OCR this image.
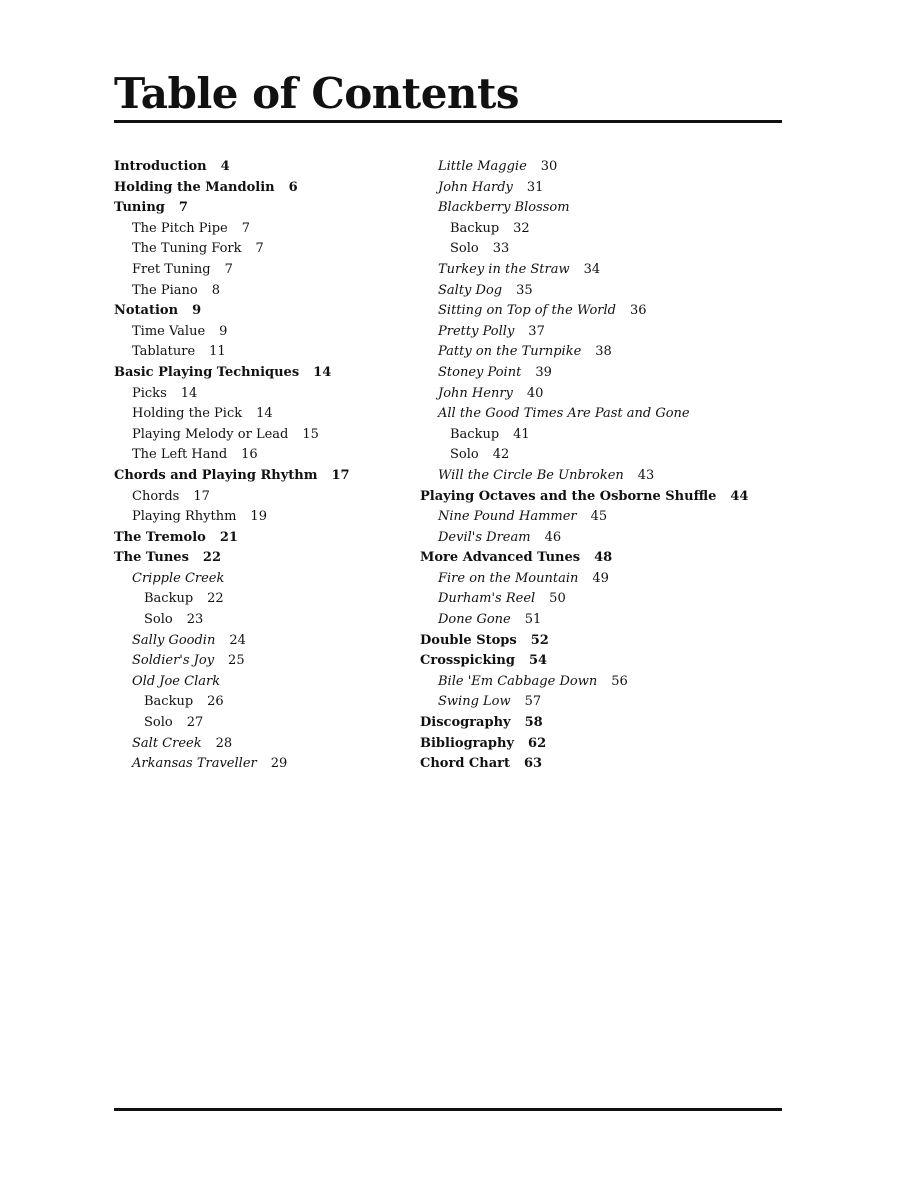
Table of Contents
Introduction 4
Holding the Mandolin 6
Tuning 7
The Pitch Pipe 7
The Tuning Fork 7
Fret Tuning 7
The Piano 8
Notation 9
Time Value 9
Tablature 11
Basic Playing Techniques 14
Picks 14
Holding the Pick 14
Playing Melody or Lead 15
The Left Hand 16
Chords and Playing Rhythm 17
Chords 17
Playing Rhythm 19
The Tremolo 21
The Tunes 22
Cripple Creek
Backup 22
Solo 23
Sally Goodin 24
Soldier's Joy 25
Old Joe Clark
Backup 26
Solo 27
Salt Creek 28
Arkansas Traveller 29
Little Maggie 30
John Hardy 31
Blackberry Blossom
Backup 32
Solo 33
Turkey in the Straw 34
Salty Dog 35
Sitting on Top of the World 36
Pretty Polly 37
Patty on the Turnpike 38
Stoney Point 39
John Henry 40
All the Good Times Are Past and Gone
Backup 41
Solo 42
Will the Circle Be Unbroken 43
Playing Octaves and the Osborne Shuffle 44
Nine Pound Hammer 45
Devil's Dream 46
More Advanced Tunes 48
Fire on the Mountain 49
Durham's Reel 50
Done Gone 51
Double Stops 52
Crosspicking 54
Bile 'Em Cabbage Down 56
Swing Low 57
Discography 58
Bibliography 62
Chord Chart 63
